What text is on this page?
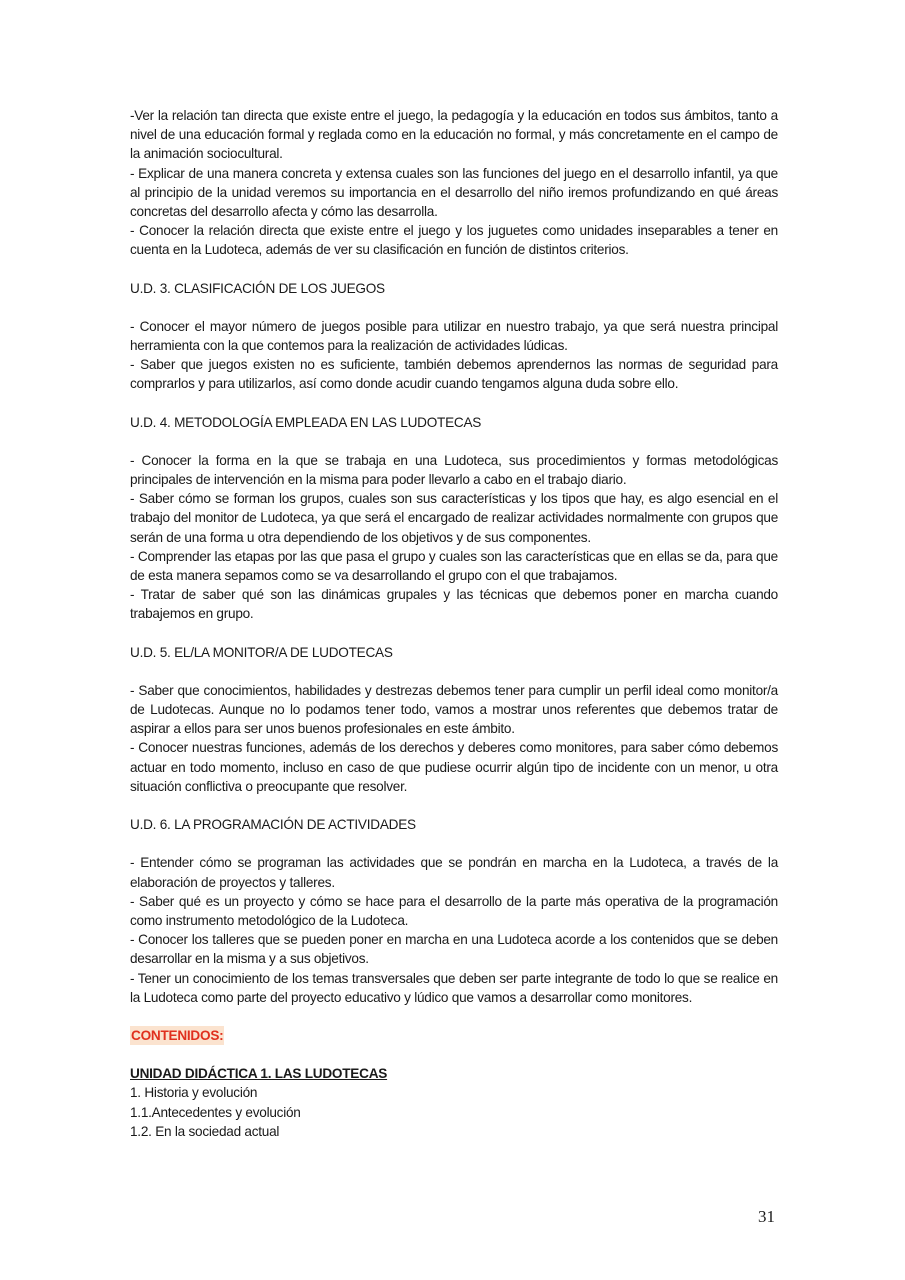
-Ver la relación tan directa que existe entre el juego, la pedagogía y la educación en todos sus ámbitos, tanto a nivel de una educación formal y reglada como en la educación no formal, y más concretamente en el campo de la animación sociocultural.

- Explicar de una manera concreta y extensa cuales son las funciones del juego en el desarrollo infantil, ya que al principio de la unidad veremos su importancia en el desarrollo del niño iremos profundizando en qué áreas concretas del desarrollo afecta y cómo las desarrolla.

- Conocer la relación directa que existe entre el juego y los juguetes como unidades inseparables a tener en cuenta en la Ludoteca, además de ver su clasificación en función de distintos criterios.

U.D. 3. CLASIFICACIÓN DE LOS JUEGOS

- Conocer el mayor número de juegos posible para utilizar en nuestro trabajo, ya que será nuestra principal herramienta con la que contemos para la realización de actividades lúdicas.

- Saber que juegos existen no es suficiente, también debemos aprendernos las normas de seguridad para comprarlos y para utilizarlos, así como donde acudir cuando tengamos alguna duda sobre ello.

U.D. 4. METODOLOGÍA EMPLEADA EN LAS LUDOTECAS

- Conocer la forma en la que se trabaja en una Ludoteca, sus procedimientos y formas metodológicas principales de intervención en la misma para poder llevarlo a cabo en el trabajo diario.

- Saber cómo se forman los grupos, cuales son sus características y los tipos que hay, es algo esencial en el trabajo del monitor de Ludoteca, ya que será el encargado de realizar actividades normalmente con grupos que serán de una forma u otra dependiendo de los objetivos y de sus componentes.

- Comprender las etapas por las que pasa el grupo y cuales son las características que en ellas se da, para que de esta manera sepamos como se va desarrollando el grupo con el que trabajamos.

- Tratar de saber qué son las dinámicas grupales y las técnicas que debemos poner en marcha cuando trabajemos en grupo.

U.D. 5. EL/LA MONITOR/A DE LUDOTECAS

- Saber que conocimientos, habilidades y destrezas debemos tener para cumplir un perfil ideal como monitor/a de Ludotecas. Aunque no lo podamos tener todo, vamos a mostrar unos referentes que debemos tratar de aspirar a ellos para ser unos buenos profesionales en este ámbito.

- Conocer nuestras funciones, además de los derechos y deberes como monitores, para saber cómo debemos actuar en todo momento, incluso en caso de que pudiese ocurrir algún tipo de incidente con un menor, u otra situación conflictiva o preocupante que resolver.

U.D. 6. LA PROGRAMACIÓN DE ACTIVIDADES

- Entender cómo se programan las actividades que se pondrán en marcha en la Ludoteca, a través de la elaboración de proyectos y talleres.

- Saber qué es un proyecto y cómo se hace para el desarrollo de la parte más operativa de la programación como instrumento metodológico de la Ludoteca.

- Conocer los talleres que se pueden poner en marcha en una Ludoteca acorde a los contenidos que se deben desarrollar en la misma y a sus objetivos.

- Tener un conocimiento de los temas transversales que deben ser parte integrante de todo lo que se realice en la Ludoteca como parte del proyecto educativo y lúdico que vamos a desarrollar como monitores.

CONTENIDOS:

UNIDAD DIDÁCTICA 1. LAS LUDOTECAS

1. Historia y evolución

1.1.Antecedentes y evolución

1.2. En la sociedad actual

31
